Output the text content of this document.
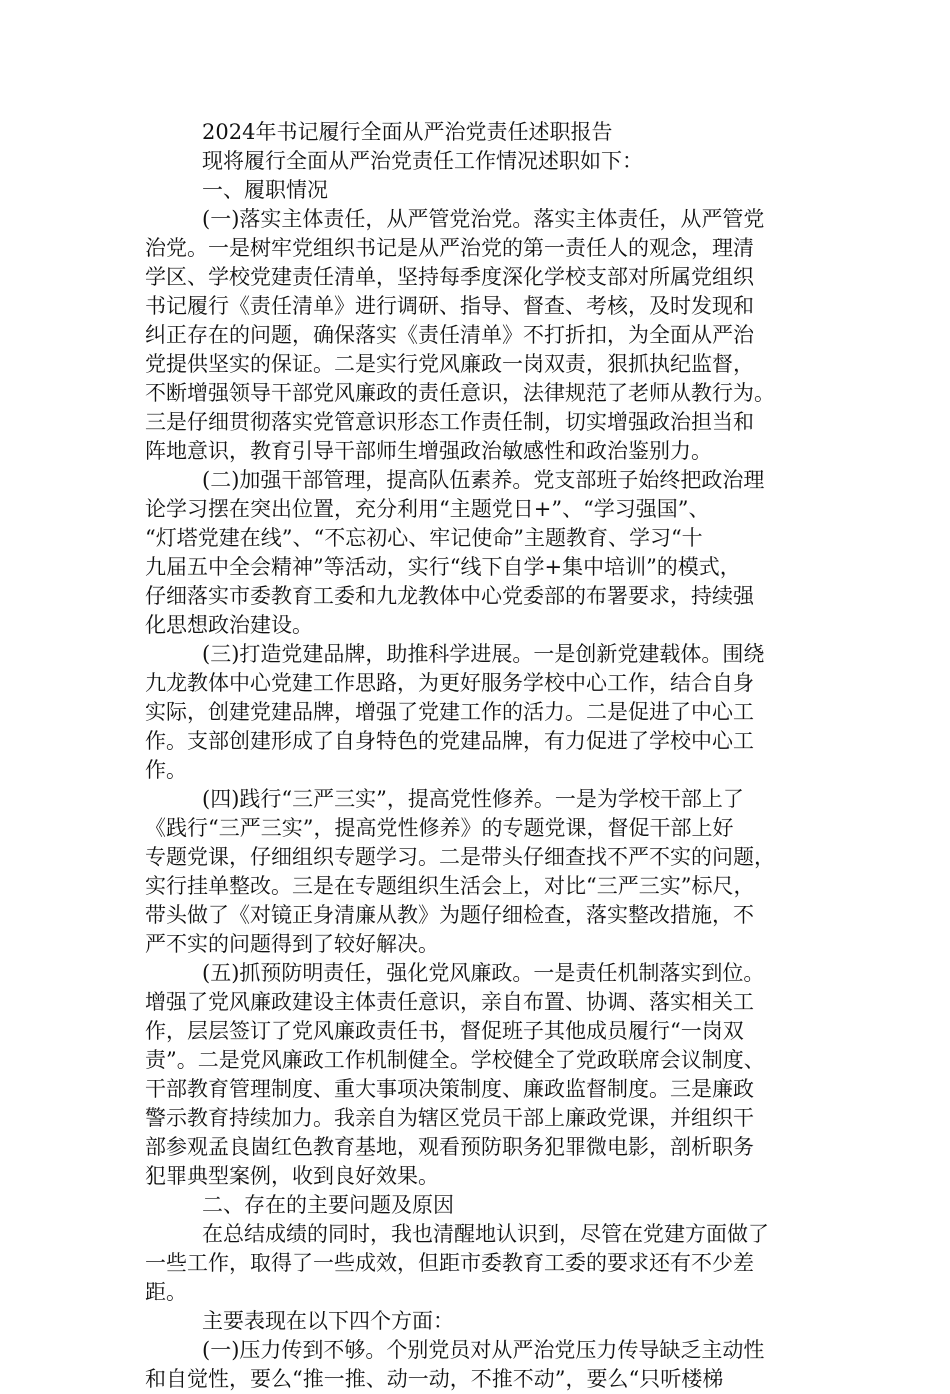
2024年书记履行全面从严治党责任述职报告
现将履行全面从严治党责任工作情况述职如下：
一、履职情况
(一)落实主体责任，从严管党治党。落实主体责任，从严管党
治党。一是树牢党组织书记是从严治党的第一责任人的观念，理清
学区、学校党建责任清单，坚持每季度深化学校支部对所属党组织
书记履行《责任清单》进行调研、指导、督查、考核，及时发现和
纠正存在的问题，确保落实《责任清单》不打折扣，为全面从严治
党提供坚实的保证。二是实行党风廉政一岗双责，狠抓执纪监督，
不断增强领导干部党风廉政的责任意识，法律规范了老师从教行为。
三是仔细贯彻落实党管意识形态工作责任制，切实增强政治担当和
阵地意识，教育引导干部师生增强政治敏感性和政治鉴别力。
(二)加强干部管理，提高队伍素养。党支部班子始终把政治理
论学习摆在突出位置，充分利用“主题党日+”、“学习强国”、
“灯塔党建在线”、“不忘初心、牢记使命”主题教育、学习“十
九届五中全会精神”等活动，实行“线下自学+集中培训”的模式，
仔细落实市委教育工委和九龙教体中心党委部的布署要求，持续强
化思想政治建设。
(三)打造党建品牌，助推科学进展。一是创新党建载体。围绕
九龙教体中心党建工作思路，为更好服务学校中心工作，结合自身
实际，创建党建品牌，增强了党建工作的活力。二是促进了中心工
作。支部创建形成了自身特色的党建品牌，有力促进了学校中心工
作。
(四)践行“三严三实”，提高党性修养。一是为学校干部上了
《践行“三严三实”，提高党性修养》的专题党课，督促干部上好
专题党课，仔细组织专题学习。二是带头仔细查找不严不实的问题，
实行挂单整改。三是在专题组织生活会上，对比“三严三实”标尺，
带头做了《对镜正身清廉从教》为题仔细检查，落实整改措施，不
严不实的问题得到了较好解决。
(五)抓预防明责任，强化党风廉政。一是责任机制落实到位。
增强了党风廉政建设主体责任意识，亲自布置、协调、落实相关工
作，层层签订了党风廉政责任书，督促班子其他成员履行“一岗双
责”。二是党风廉政工作机制健全。学校健全了党政联席会议制度、
干部教育管理制度、重大事项决策制度、廉政监督制度。三是廉政
警示教育持续加力。我亲自为辖区党员干部上廉政党课，并组织干
部参观孟良崮红色教育基地，观看预防职务犯罪微电影，剖析职务
犯罪典型案例，收到良好效果。
二、存在的主要问题及原因
在总结成绩的同时，我也清醒地认识到，尽管在党建方面做了
一些工作，取得了一些成效，但距市委教育工委的要求还有不少差
距。
主要表现在以下四个方面：
(一)压力传到不够。个别党员对从严治党压力传导缺乏主动性
和自觉性，要么“推一推、动一动，不推不动”，要么“只听楼梯
